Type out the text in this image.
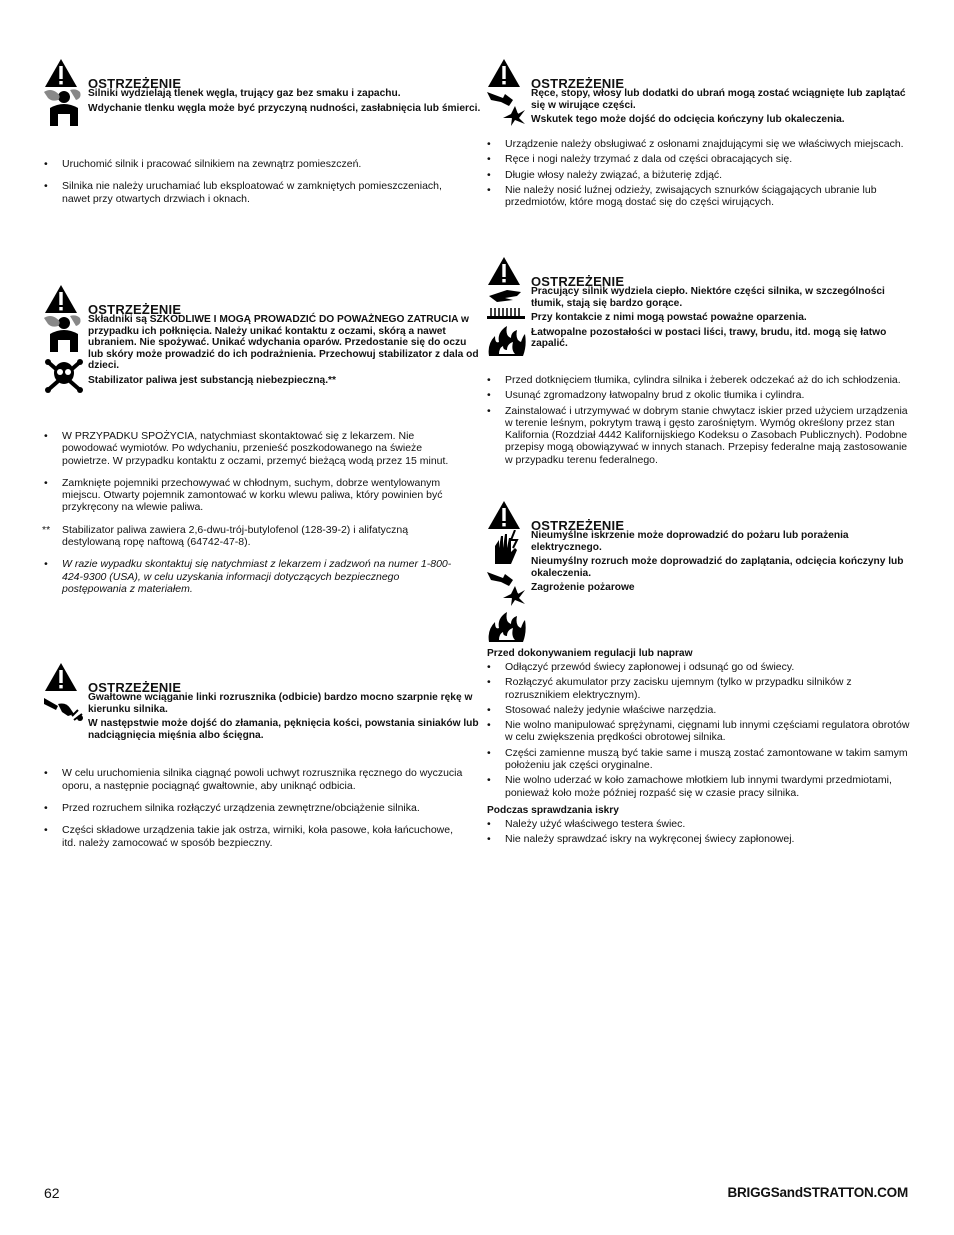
OSTRZEŻENIE

Silniki wydzielają tlenek węgla, trujący gaz bez smaku i zapachu.

Wdychanie tlenku węgla może być przyczyną nudności, zasłabnięcia lub śmierci.

• Uruchomić silnik i pracować silnikiem na zewnątrz pomieszczeń.
• Silnika nie należy uruchamiać lub eksploatować w zamkniętych pomieszczeniach, nawet przy otwartych drzwiach i oknach.
OSTRZEŻENIE

Składniki są SZKODLIWE I MOGĄ PROWADZIĆ DO POWAŻNEGO ZATRUCIA w przypadku ich połknięcia. Należy unikać kontaktu z oczami, skórą a nawet ubraniem. Nie spożywać. Unikać wdychania oparów. Przedostanie się do oczu lub skóry może prowadzić do ich podrażnienia. Przechowuj stabilizator z dala od dzieci.

Stabilizator paliwa jest substancją niebezpieczną.**

• W PRZYPADKU SPOŻYCIA, natychmiast skontaktować się z lekarzem. Nie powodować wymiotów. Po wdychaniu, przenieść poszkodowanego na świeże powietrze. W przypadku kontaktu z oczami, przemyć bieżącą wodą przez 15 minut.
• Zamknięte pojemniki przechowywać w chłodnym, suchym, dobrze wentylowanym miejscu. Otwarty pojemnik zamontować w korku wlewu paliwa, który powinien być przykręcony na wlewie paliwa.
** Stabilizator paliwa zawiera 2,6-dwu-trój-butylofenol (128-39-2) i alifatyczną destylowaną ropę naftową (64742-47-8).
• W razie wypadku skontaktuj się natychmiast z lekarzem i zadzwoń na numer 1-800-424-9300 (USA), w celu uzyskania informacji dotyczących bezpiecznego postępowania z materiałem.
OSTRZEŻENIE

Gwałtowne wciąganie linki rozrusznika (odbicie) bardzo mocno szarpnie rękę w kierunku silnika.

W następstwie może dojść do złamania, pęknięcia kości, powstania siniaków lub nadciągnięcia mięśnia albo ścięgna.

• W celu uruchomienia silnika ciągnąć powoli uchwyt rozrusznika ręcznego do wyczucia oporu, a następnie pociągnąć gwałtownie, aby uniknąć odbicia.
• Przed rozruchem silnika rozłączyć urządzenia zewnętrzne/obciążenie silnika.
• Części składowe urządzenia takie jak ostrza, wirniki, koła pasowe, koła łańcuchowe, itd. należy zamocować w sposób bezpieczny.
OSTRZEŻENIE

Ręce, stopy, włosy lub dodatki do ubrań mogą zostać wciągnięte lub zaplątać się w wirujące części.

Wskutek tego może dojść do odcięcia kończyny lub okaleczenia.

• Urządzenie należy obsługiwać z osłonami znajdującymi się we właściwych miejscach.
• Ręce i nogi należy trzymać z dala od części obracających się.
• Długie włosy należy związać, a biżuterię zdjąć.
• Nie należy nosić luźnej odzieży, zwisających sznurków ściągających ubranie lub przedmiotów, które mogą dostać się do części wirujących.
OSTRZEŻENIE

Pracujący silnik wydziela ciepło. Niektóre części silnika, w szczególności tłumik, stają się bardzo gorące.

Przy kontakcie z nimi mogą powstać poważne oparzenia.

Łatwopalne pozostałości w postaci liści, trawy, brudu, itd. mogą się łatwo zapalić.

• Przed dotknięciem tłumika, cylindra silnika i żeberek odczekać aż do ich schłodzenia.
• Usunąć zgromadzony łatwopalny brud z okolic tłumika i cylindra.
• Zainstalować i utrzymywać w dobrym stanie chwytacz iskier przed użyciem urządzenia w terenie leśnym, pokrytym trawą i gęsto zarośniętym. Wymóg określony przez stan Kalifornia (Rozdział 4442 Kalifornijskiego Kodeksu o Zasobach Publicznych). Podobne przepisy mogą obowiązywać w innych stanach. Przepisy federalne mają zastosowanie w przypadku terenu federalnego.
OSTRZEŻENIE

Nieumyślne iskrzenie może doprowadzić do pożaru lub porażenia elektrycznego.

Nieumyślny rozruch może doprowadzić do zaplątania, odcięcia kończyny lub okaleczenia.

Zagrożenie pożarowe

Przed dokonywaniem regulacji lub napraw
• Odłączyć przewód świecy zapłonowej i odsunąć go od świecy.
• Rozłączyć akumulator przy zacisku ujemnym (tylko w przypadku silników z rozrusznikiem elektrycznym).
• Stosować należy jedynie właściwe narzędzia.
• Nie wolno manipulować sprężynami, cięgnami lub innymi częściami regulatora obrotów w celu zwiększenia prędkości obrotowej silnika.
• Części zamienne muszą być takie same i muszą zostać zamontowane w takim samym położeniu jak części oryginalne.
• Nie wolno uderzać w koło zamachowe młotkiem lub innymi twardymi przedmiotami, ponieważ koło może później rozpaść się w czasie pracy silnika.
Podczas sprawdzania iskry
• Należy użyć właściwego testera świec.
• Nie należy sprawdzać iskry na wykręconej świecy zapłonowej.
62	BRIGGSandSTRATTON.COM
